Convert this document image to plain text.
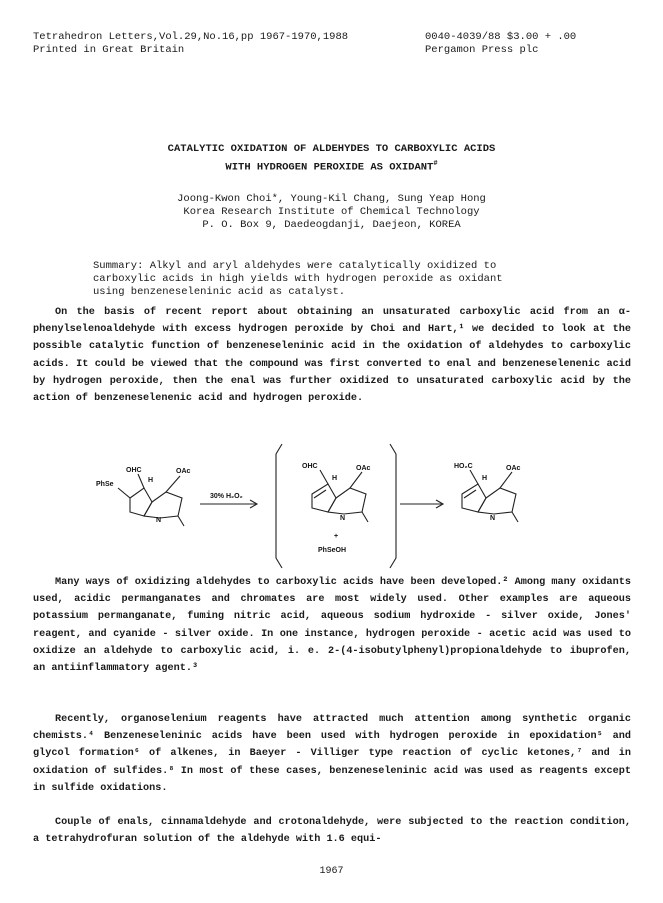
Tetrahedron Letters,Vol.29,No.16,pp 1967-1970,1988	0040-4039/88 $3.00 + .00
Printed in Great Britain	Pergamon Press plc
CATALYTIC OXIDATION OF ALDEHYDES TO CARBOXYLIC ACIDS
WITH HYDROGEN PEROXIDE AS OXIDANT#
Joong-Kwon Choi*, Young-Kil Chang, Sung Yeap Hong
Korea Research Institute of Chemical Technology
P. O. Box 9, Daedeogdanji, Daejeon, KOREA
Summary: Alkyl and aryl aldehydes were catalytically oxidized to
carboxylic acids in high yields with hydrogen peroxide as oxidant
using benzeneseleninic acid as catalyst.

On the basis of recent report about obtaining an unsaturated carboxylic acid from an α-phenylselenoaldehyde with excess hydrogen peroxide by Choi and Hart,¹ we decided to look at the possible catalytic function of benzeneseleninic acid in the oxidation of aldehydes to carboxylic acids. It could be viewed that the compound was first converted to enal and benzeneselenenic acid by hydrogen peroxide, then the enal was further oxidized to unsaturated carboxylic acid by the action of benzeneselenenic acid and hydrogen peroxide.

OHC
H
OAc
PhSe
N
30% H₂O₂
OHC
H
OAc
N
+
PhSeOH
HO₂C
H
OAc
N

Many ways of oxidizing aldehydes to carboxylic acids have been developed.² Among many oxidants used, acidic permanganates and chromates are most widely used. Other examples are aqueous potassium permanganate, fuming nitric acid, aqueous sodium hydroxide - silver oxide, Jones' reagent, and cyanide - silver oxide. In one instance, hydrogen peroxide - acetic acid was used to oxidize an aldehyde to carboxylic acid, i. e. 2-(4-isobutylphenyl)propionaldehyde to ibuprofen, an antiinflammatory agent.³

Recently, organoselenium reagents have attracted much attention among synthetic organic chemists.⁴ Benzeneseleninic acids have been used with hydrogen peroxide in epoxidation⁵ and glycol formation⁶ of alkenes, in Baeyer - Villiger type reaction of cyclic ketones,⁷ and in oxidation of sulfides.⁸ In most of these cases, benzeneseleninic acid was used as reagents except in sulfide oxidations.

Couple of enals, cinnamaldehyde and crotonaldehyde, were subjected to the reaction condition, a tetrahydrofuran solution of the aldehyde with 1.6 equi-

1967
